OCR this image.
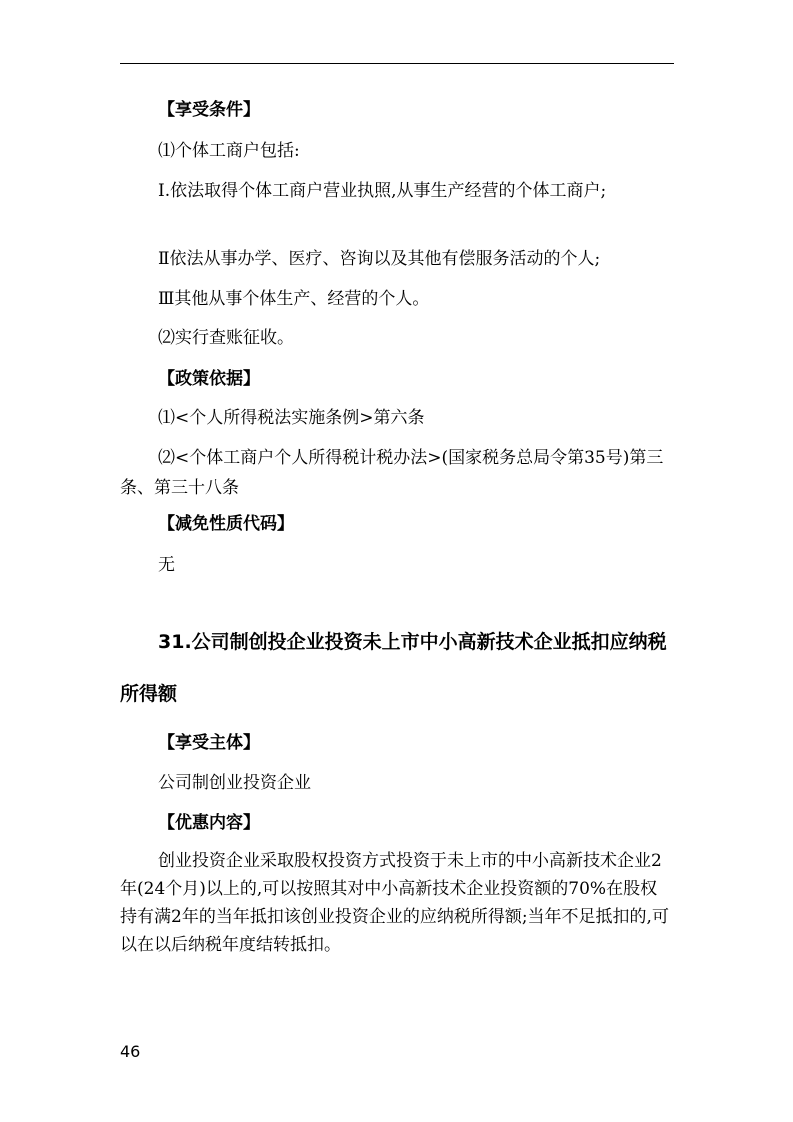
【享受条件】

⑴个体工商户包括:

Ⅰ.依法取得个体工商户营业执照,从事生产经营的个体工商户;

Ⅱ依法从事办学、医疗、咨询以及其他有偿服务活动的个人;

Ⅲ其他从事个体生产、经营的个人。

⑵实行查账征收。

【政策依据】

⑴<个人所得税法实施条例>第六条

⑵<个体工商户个人所得税计税办法>(国家税务总局令第35号)第三条、第三十八条

【减免性质代码】

无

31.公司制创投企业投资未上市中小高新技术企业抵扣应纳税所得额

【享受主体】

公司制创业投资企业

【优惠内容】

创业投资企业采取股权投资方式投资于未上市的中小高新技术企业2年(24个月)以上的,可以按照其对中小高新技术企业投资额的70%在股权持有满2年的当年抵扣该创业投资企业的应纳税所得额;当年不足抵扣的,可以在以后纳税年度结转抵扣。

46
